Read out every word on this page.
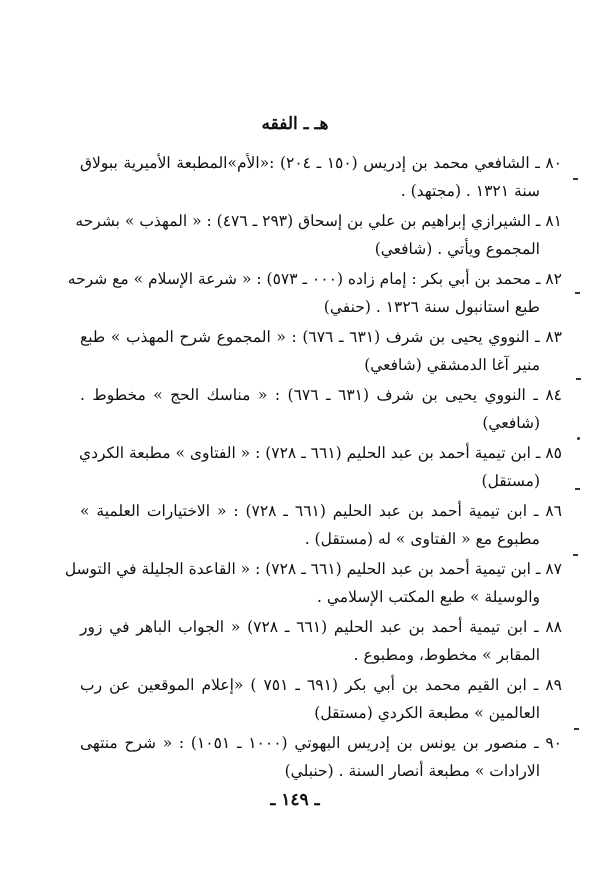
هـ ـ الفقه
٨٠ ـ الشافعي محمد بن إدريس (١٥٠ ـ ٢٠٤) :«الأم»المطبعة الأميرية ببولاق
سنة ١٣٢١ . (مجتهد) .
٨١ ـ الشيرازي إبراهيم بن علي بن إسحاق (٢٩٣ ـ ٤٧٦) : « المهذب » بشرحه
المجموع ويأتي . (شافعي)
٨٢ ـ محمد بن أبي بكر : إمام زاده (٠٠٠ ـ ٥٧٣) : « شرعة الإسلام » مع شرحه
طبع استانبول سنة ١٣٢٦ . (حنفي)
٨٣ ـ النووي يحيى بن شرف (٦٣١ ـ ٦٧٦) : « المجموع شرح المهذب » طبع
منير آغا الدمشقي (شافعي)
٨٤ ـ النووي يحيى بن شرف (٦٣١ ـ ٦٧٦) : « مناسك الحج » مخطوط .
(شافعي)
٨٥ ـ ابن تيمية أحمد بن عبد الحليم (٦٦١ ـ ٧٢٨) : « الفتاوى » مطبعة الكردي
(مستقل)
٨٦ ـ ابن تيمية أحمد بن عبد الحليم (٦٦١ ـ ٧٢٨) : « الاختيارات العلمية »
مطبوع مع « الفتاوى » له (مستقل) .
٨٧ ـ ابن تيمية أحمد بن عبد الحليم (٦٦١ ـ ٧٢٨) : « القاعدة الجليلة في التوسل
والوسيلة » طبع المكتب الإسلامي .
٨٨ ـ ابن تيمية أحمد بن عبد الحليم (٦٦١ ـ ٧٢٨) « الجواب الباهر في زور
المقابر » مخطوط، ومطبوع .
٨٩ ـ ابن القيم محمد بن أبي بكر (٦٩١ ـ ٧٥١ ) «إعلام الموقعين عن رب
العالمين » مطبعة الكردي (مستقل)
٩٠ ـ منصور بن يونس بن إدريس البهوتي (١٠٠٠ ـ ١٠٥١) : « شرح منتهى
الارادات » مطبعة أنصار السنة . (حنبلي)
ـ ١٤٩ ـ
